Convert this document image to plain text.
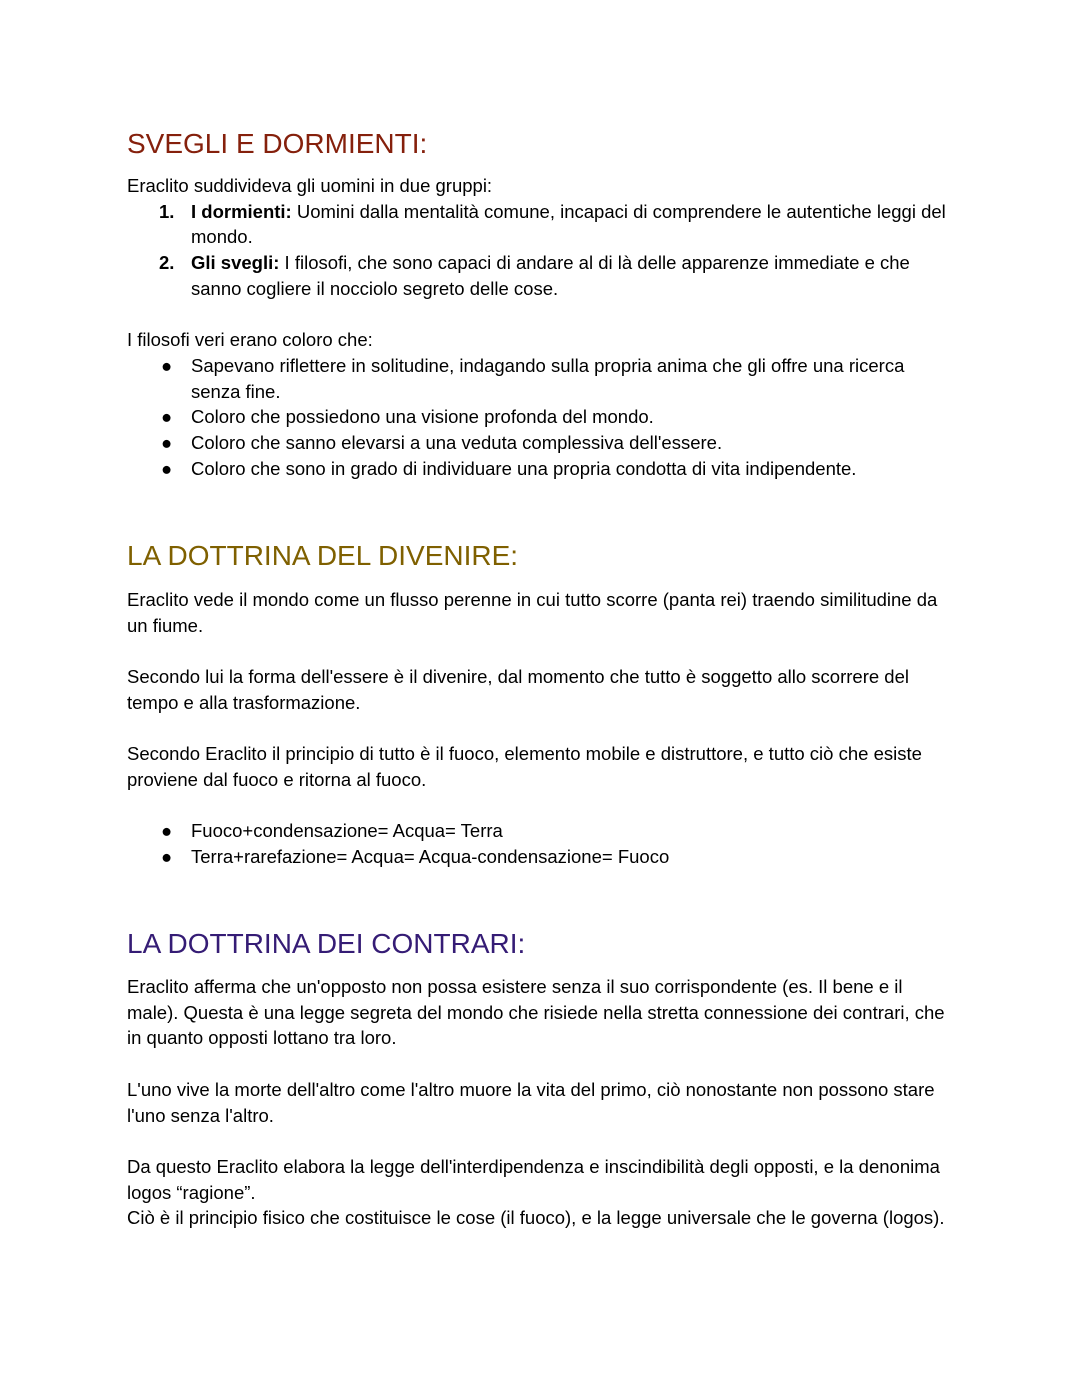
SVEGLI E DORMIENTI:

Eraclito suddivideva gli uomini in due gruppi:

1. I dormienti: Uomini dalla mentalità comune, incapaci di comprendere le autentiche leggi del mondo.
2. Gli svegli: I filosofi, che sono capaci di andare al di là delle apparenze immediate e che sanno cogliere il nocciolo segreto delle cose.

I filosofi veri erano coloro che:

● Sapevano riflettere in solitudine, indagando sulla propria anima che gli offre una ricerca senza fine.
● Coloro che possiedono una visione profonda del mondo.
● Coloro che sanno elevarsi a una veduta complessiva dell'essere.
● Coloro che sono in grado di individuare una propria condotta di vita indipendente.
LA DOTTRINA DEL DIVENIRE:

Eraclito vede il mondo come un flusso perenne in cui tutto scorre (panta rei) traendo similitudine da un fiume.

Secondo lui la forma dell'essere è il divenire, dal momento che tutto è soggetto allo scorrere del tempo e alla trasformazione.

Secondo Eraclito il principio di tutto è il fuoco, elemento mobile e distruttore, e tutto ciò che esiste proviene dal fuoco e ritorna al fuoco.

● Fuoco+condensazione= Acqua= Terra
● Terra+rarefazione= Acqua= Acqua-condensazione= Fuoco
LA DOTTRINA DEI CONTRARI:

Eraclito afferma che un'opposto non possa esistere senza il suo corrispondente (es. Il bene e il male). Questa è una legge segreta del mondo che risiede nella stretta connessione dei contrari, che in quanto opposti lottano tra loro.

L'uno vive la morte dell'altro come l'altro muore la vita del primo, ciò nonostante non possono stare l'uno senza l'altro.

Da questo Eraclito elabora la legge dell'interdipendenza e inscindibilità degli opposti, e la denonima logos “ragione”.

Ciò è il principio fisico che costituisce le cose (il fuoco), e la legge universale che le governa (logos).
